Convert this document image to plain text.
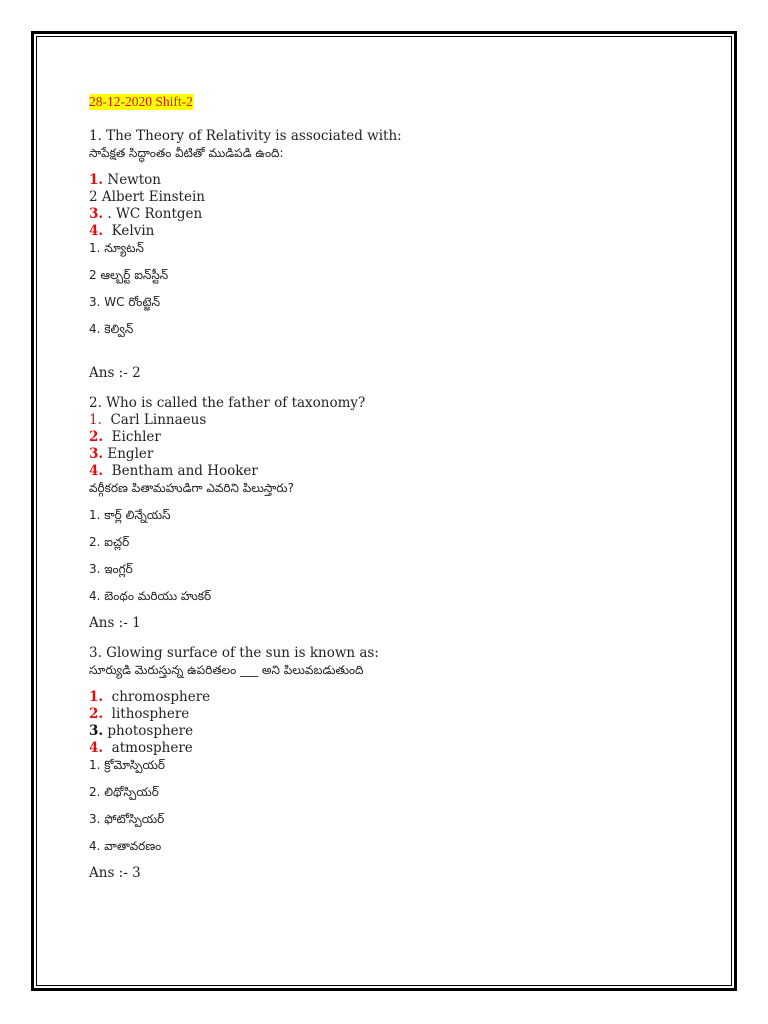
28-12-2020 Shift-2
1. The Theory of Relativity is associated with:
సాపేక్షత సిద్ధాంతం వీటితో ముడిపడి ఉంది:
1. Newton
2 Albert Einstein
3. . WC Rontgen
4.  Kelvin
1. న్యూటన్
2 ఆల్బర్ట్ ఐన్‌స్టీన్
3. WC రోంట్జెన్
4. కెల్విన్
Ans :- 2
2. Who is called the father of taxonomy?
1.  Carl Linnaeus
2.  Eichler
3. Engler
4.  Bentham and Hooker
వర్గీకరణ పితామహుడిగా ఎవరిని పిలుస్తారు?
1. కార్ల్ లిన్నేయస్
2. ఐచ్లర్
3. ఇంగ్లర్
4. బెంథం మరియు హుకర్
Ans :- 1
3. Glowing surface of the sun is known as:
సూర్యుడి మెరుస్తున్న ఉపరితలం ___ అని పిలువబడుతుంది
1.  chromosphere
2.  lithosphere
3. photosphere
4.  atmosphere
1. క్రోమోస్పియర్
2. లిథోస్పియర్
3. ఫోటోస్పియర్
4. వాతావరణం
Ans :- 3
